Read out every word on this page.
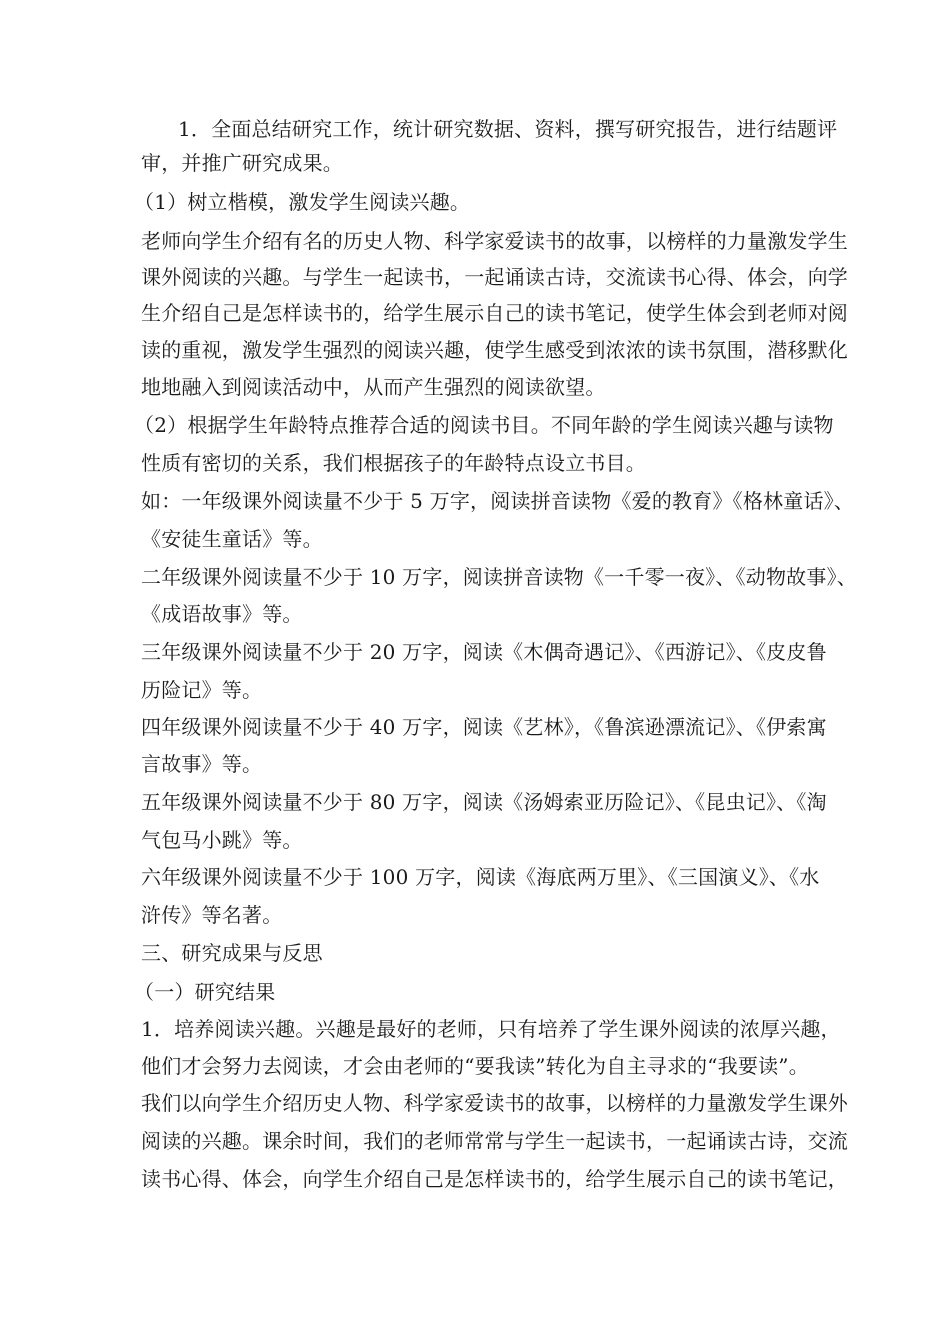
1．全面总结研究工作，统计研究数据、资料，撰写研究报告，进行结题评
审，并推广研究成果。
（1）树立楷模，激发学生阅读兴趣。
老师向学生介绍有名的历史人物、科学家爱读书的故事，以榜样的力量激发学生
课外阅读的兴趣。与学生一起读书，一起诵读古诗，交流读书心得、体会，向学
生介绍自己是怎样读书的，给学生展示自己的读书笔记，使学生体会到老师对阅
读的重视，激发学生强烈的阅读兴趣，使学生感受到浓浓的读书氛围，潜移默化
地地融入到阅读活动中，从而产生强烈的阅读欲望。
（2）根据学生年龄特点推荐合适的阅读书目。不同年龄的学生阅读兴趣与读物
性质有密切的关系，我们根据孩子的年龄特点设立书目。
如：一年级课外阅读量不少于 5 万字，阅读拼音读物《爱的教育》《格林童话》、
《安徒生童话》等。
二年级课外阅读量不少于 10 万字，阅读拼音读物《一千零一夜》、《动物故事》、
《成语故事》等。
三年级课外阅读量不少于 20 万字，阅读《木偶奇遇记》、《西游记》、《皮皮鲁
历险记》等。
四年级课外阅读量不少于 40 万字，阅读《艺林》，《鲁滨逊漂流记》、《伊索寓
言故事》等。
五年级课外阅读量不少于 80 万字，阅读《汤姆索亚历险记》、《昆虫记》、《淘
气包马小跳》等。
六年级课外阅读量不少于 100 万字，阅读《海底两万里》、《三国演义》、《水
浒传》等名著。
三、研究成果与反思
（一）研究结果
1．培养阅读兴趣。兴趣是最好的老师，只有培养了学生课外阅读的浓厚兴趣，
他们才会努力去阅读，才会由老师的“要我读”转化为自主寻求的“我要读”。
我们以向学生介绍历史人物、科学家爱读书的故事，以榜样的力量激发学生课外
阅读的兴趣。课余时间，我们的老师常常与学生一起读书，一起诵读古诗，交流
读书心得、体会，向学生介绍自己是怎样读书的，给学生展示自己的读书笔记，
